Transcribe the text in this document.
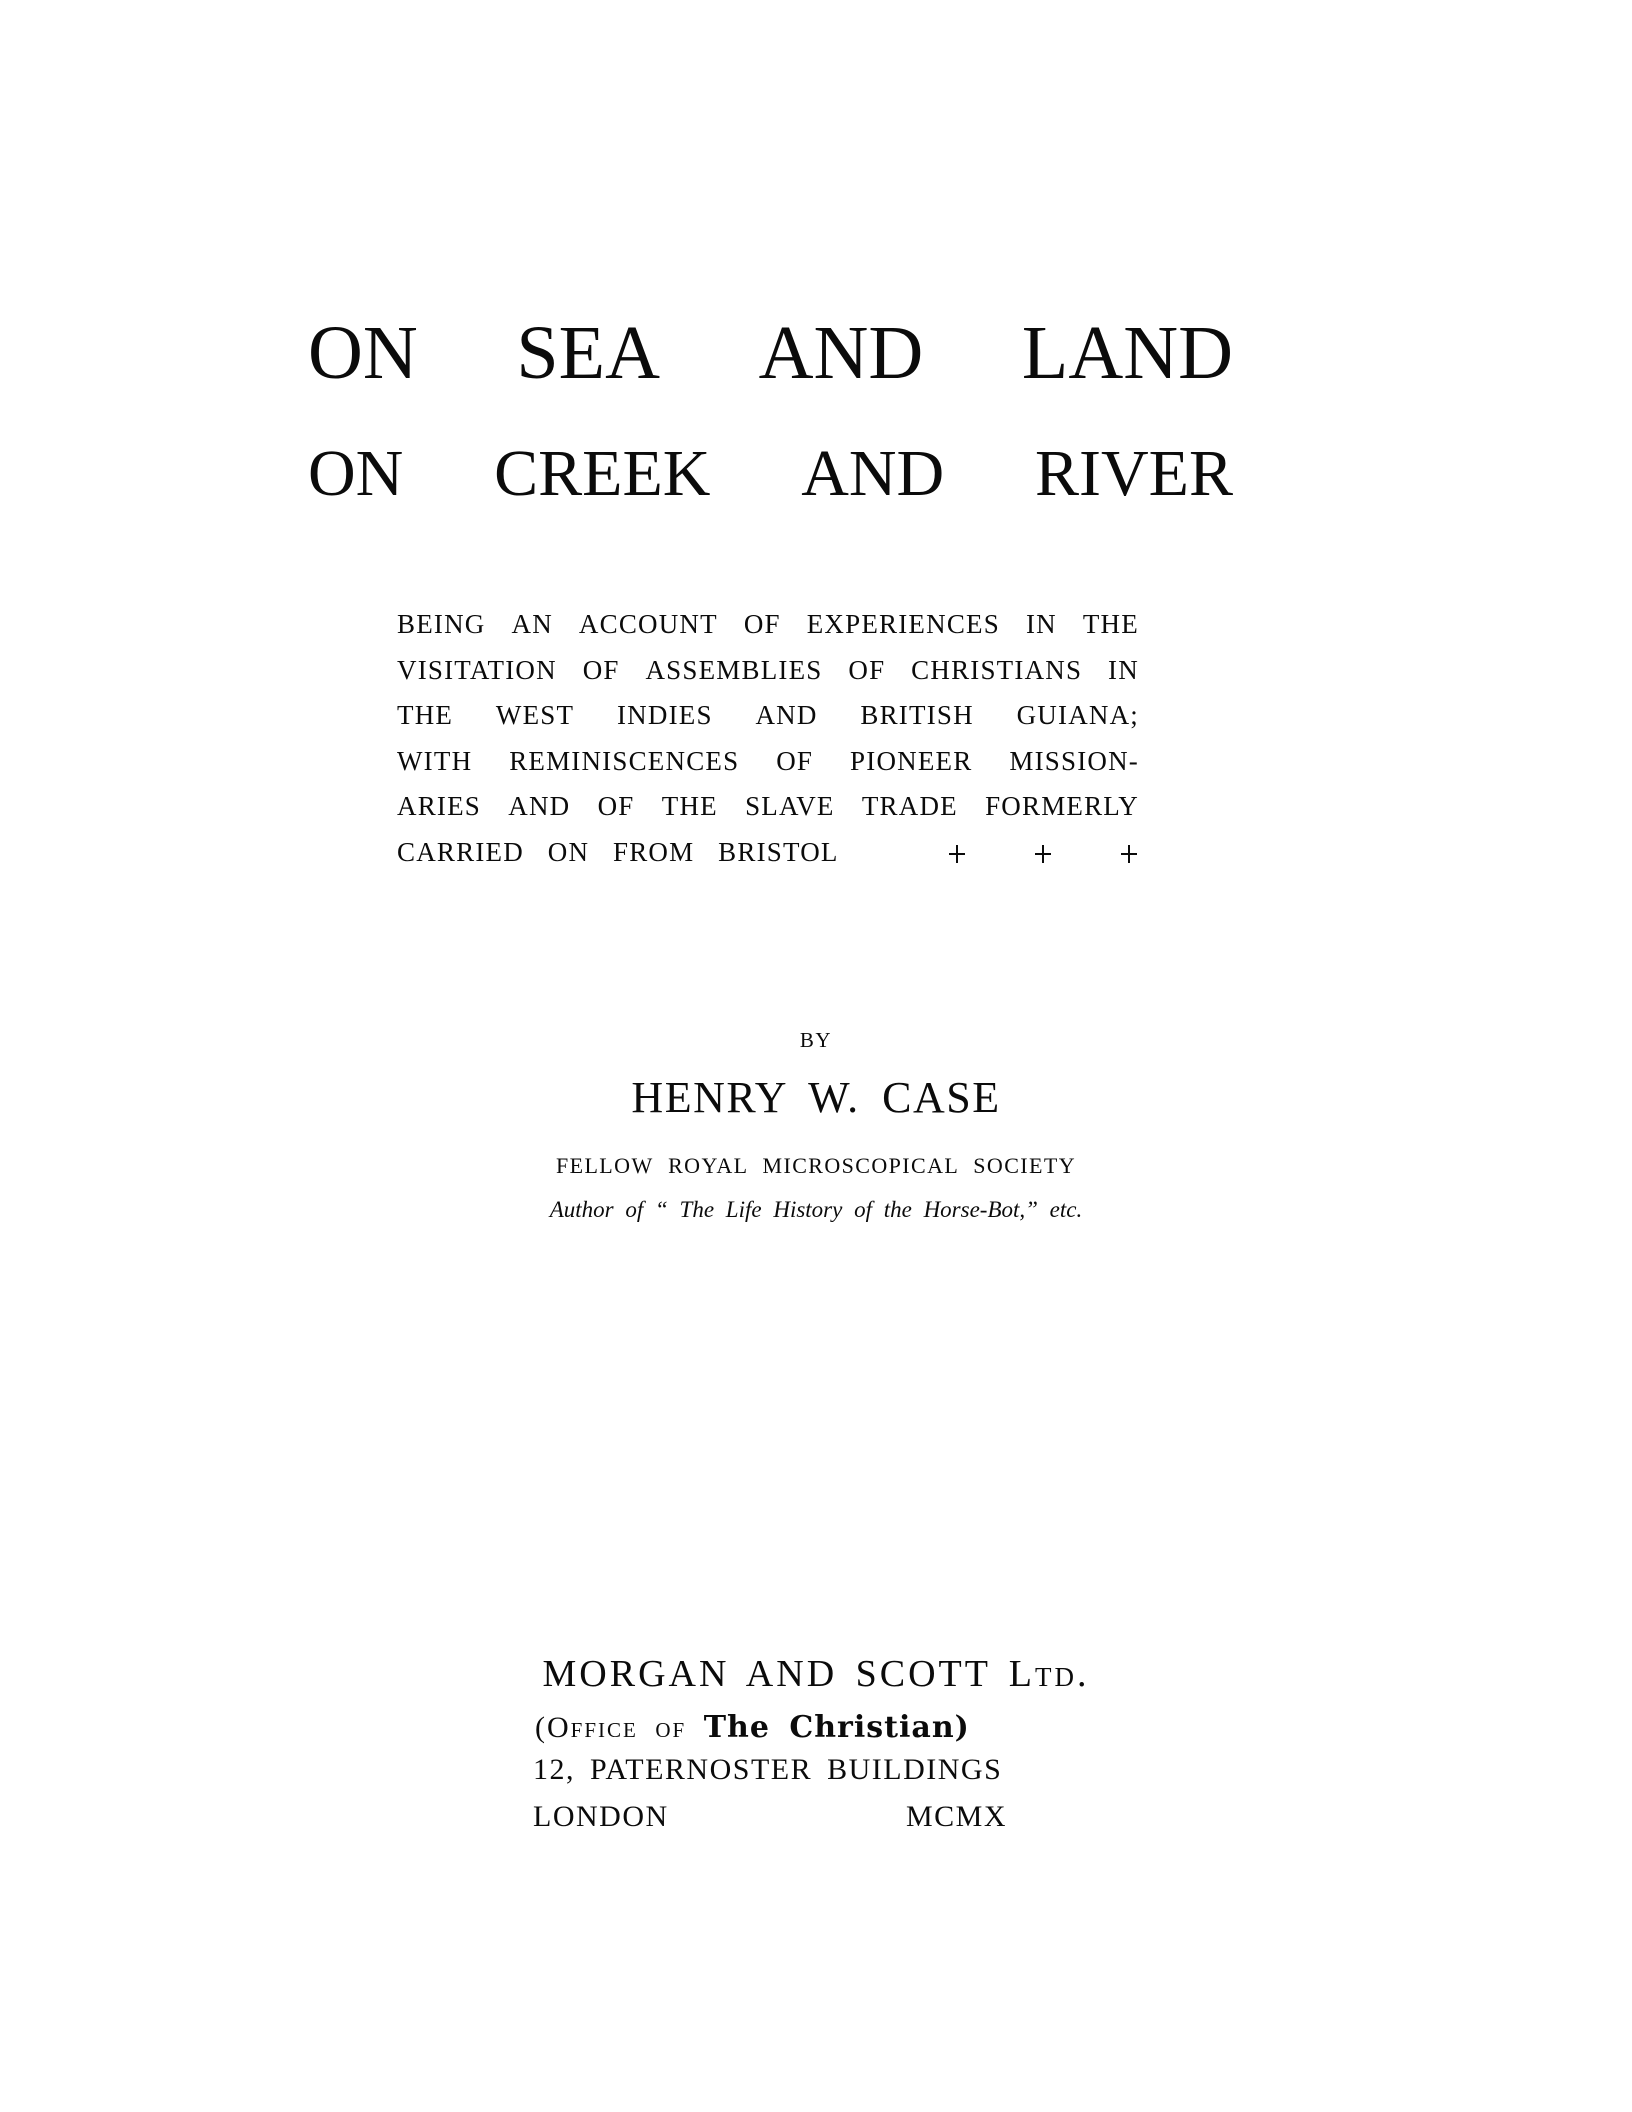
ON SEA AND LAND
ON CREEK AND RIVER
BEING AN ACCOUNT OF EXPERIENCES IN THE
VISITATION OF ASSEMBLIES OF CHRISTIANS IN
THE WEST INDIES AND BRITISH GUIANA;
WITH REMINISCENCES OF PIONEER MISSION-
ARIES AND OF THE SLAVE TRADE FORMERLY
CARRIED   ON   FROM   BRISTOL
BY
HENRY W. CASE
FELLOW ROYAL MICROSCOPICAL SOCIETY
Author of “ The Life History of the Horse-Bot,” etc.
MORGAN AND SCOTT Ltd.
(Office of The Christian)
12, PATERNOSTER BUILDINGS
LONDON	MCMX
